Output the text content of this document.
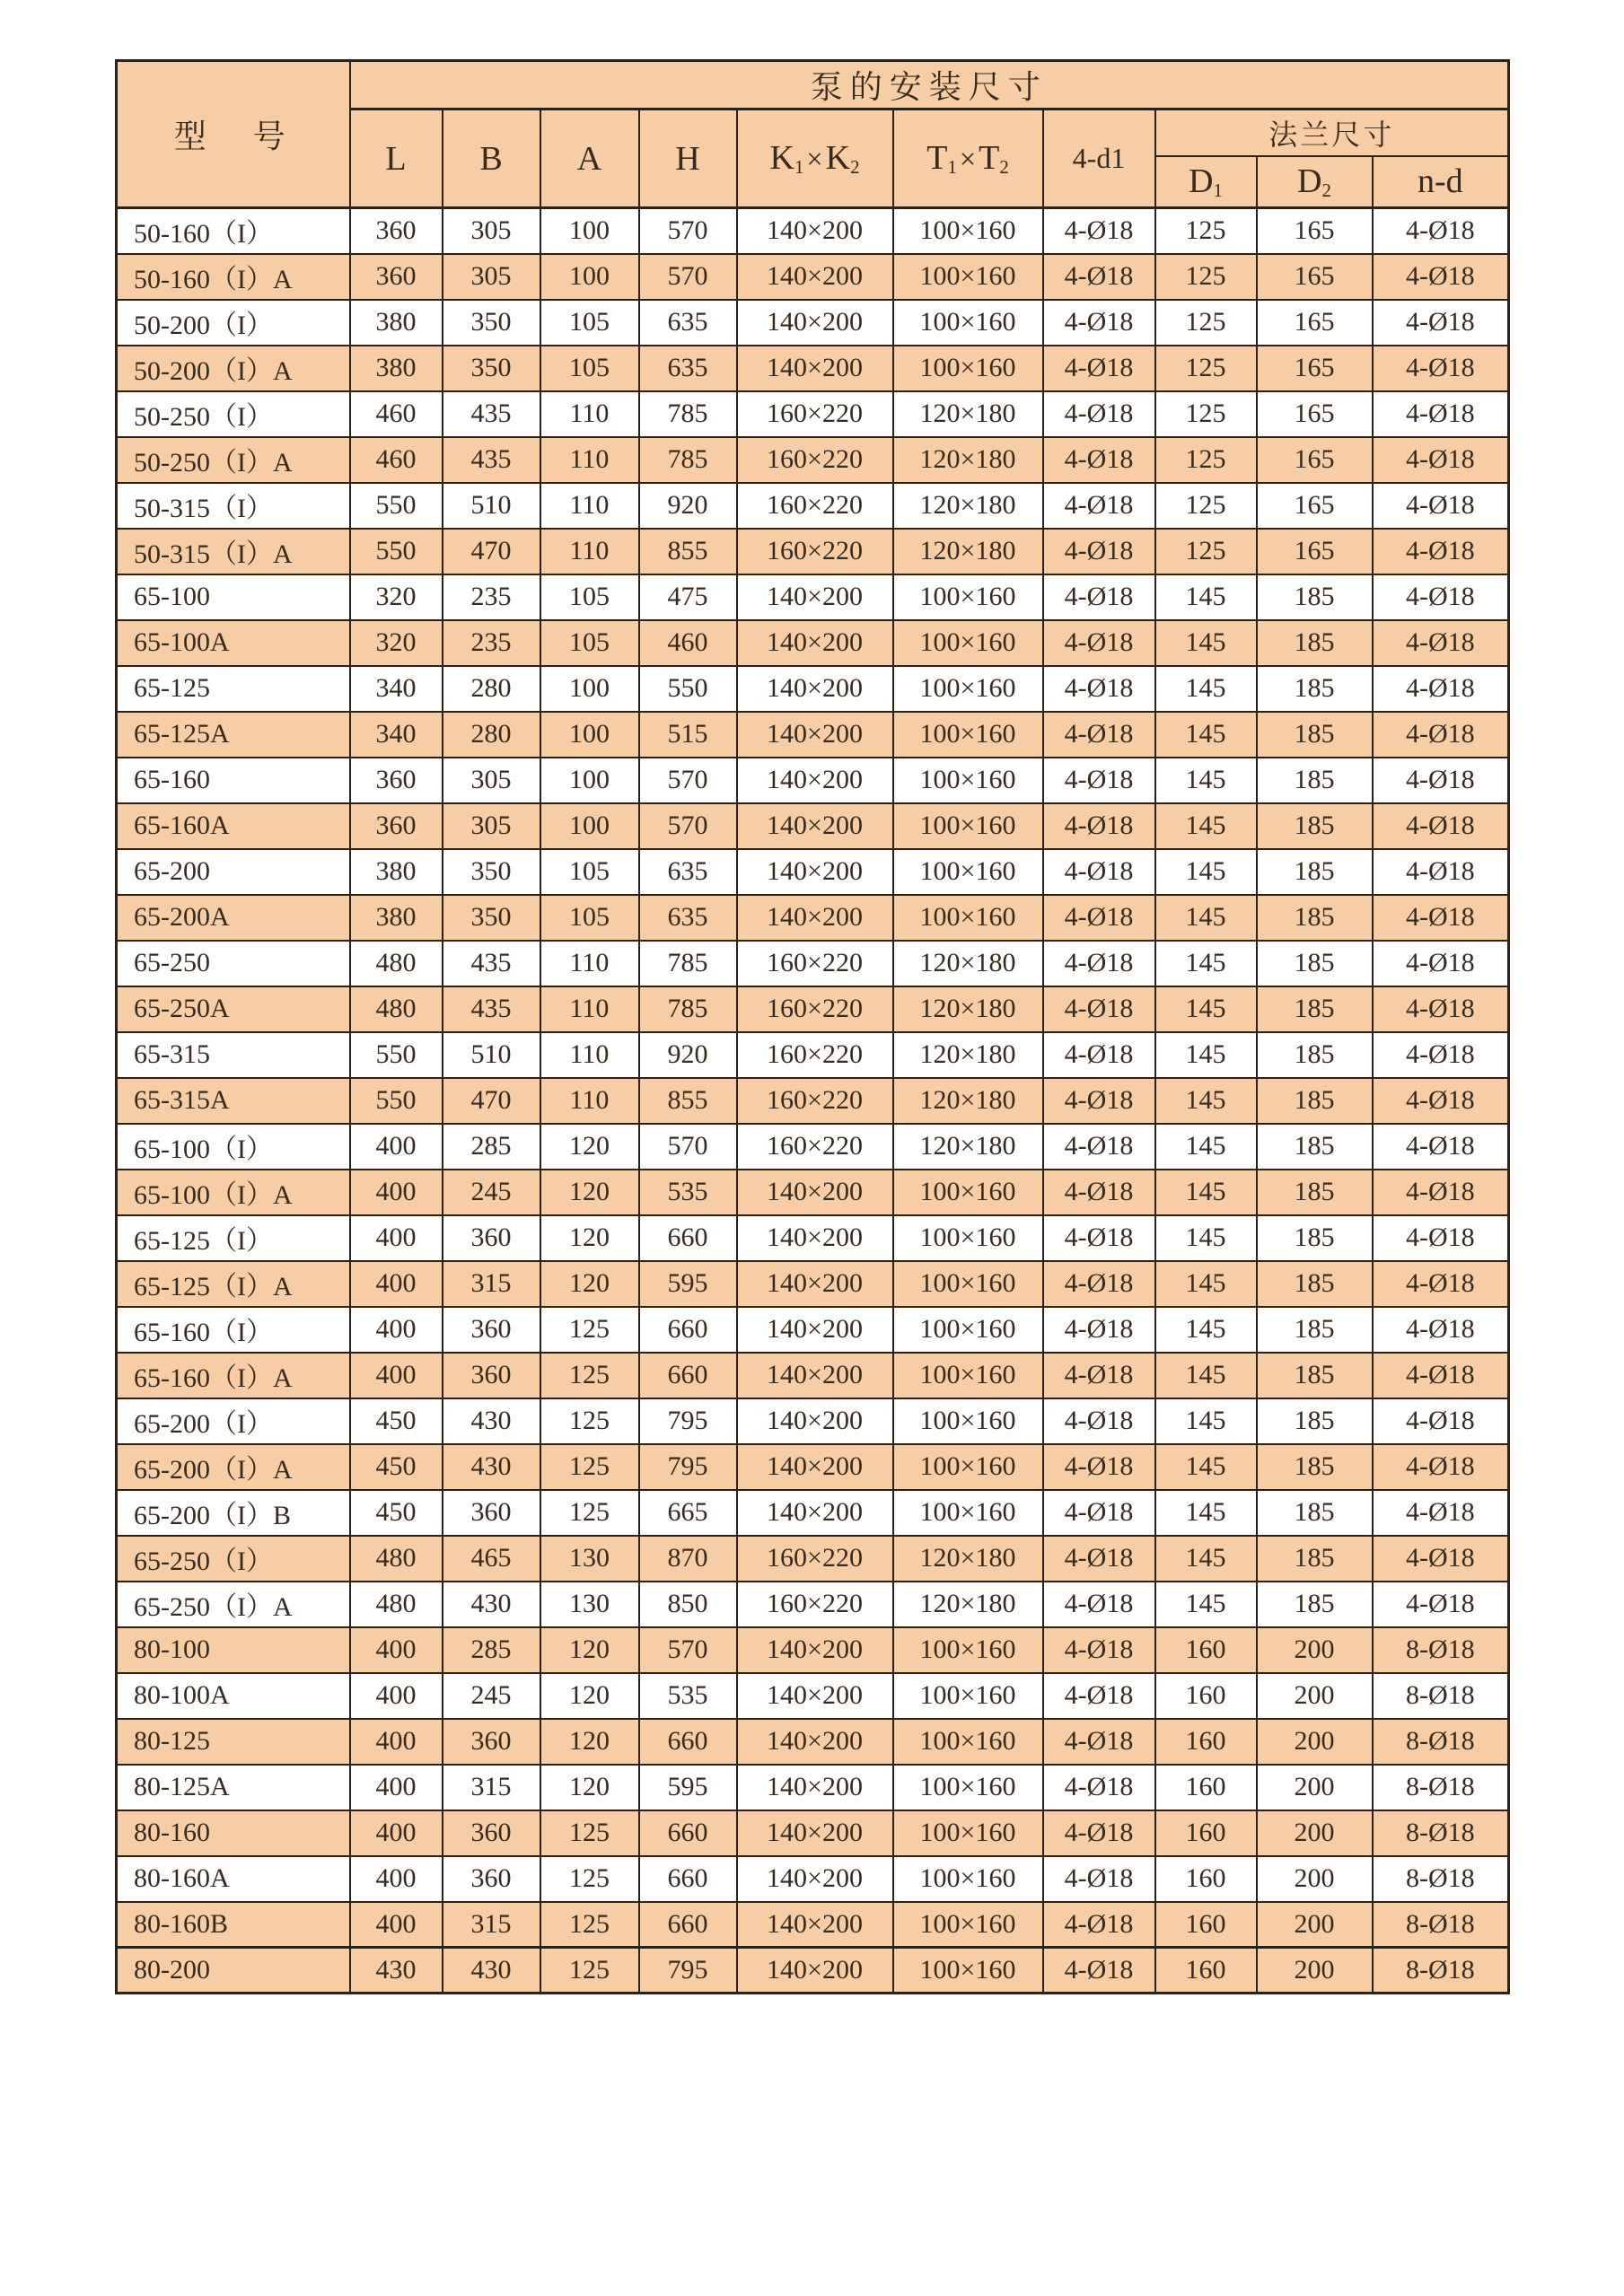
型　号	泵的安装尺寸									
	L	B	A	H	$K_1\times K_2$	$T_1\times T_2$	4-d1	法兰尺寸		
								$D_1$	$D_2$	n-d
50-160（I）	360	305	100	570	140×200	100×160	4-Ø18	125	165	4-Ø18
50-160（I）A	360	305	100	570	140×200	100×160	4-Ø18	125	165	4-Ø18
50-200（I）	380	350	105	635	140×200	100×160	4-Ø18	125	165	4-Ø18
50-200（I）A	380	350	105	635	140×200	100×160	4-Ø18	125	165	4-Ø18
50-250（I）	460	435	110	785	160×220	120×180	4-Ø18	125	165	4-Ø18
50-250（I）A	460	435	110	785	160×220	120×180	4-Ø18	125	165	4-Ø18
50-315（I）	550	510	110	920	160×220	120×180	4-Ø18	125	165	4-Ø18
50-315（I）A	550	470	110	855	160×220	120×180	4-Ø18	125	165	4-Ø18
65-100	320	235	105	475	140×200	100×160	4-Ø18	145	185	4-Ø18
65-100A	320	235	105	460	140×200	100×160	4-Ø18	145	185	4-Ø18
65-125	340	280	100	550	140×200	100×160	4-Ø18	145	185	4-Ø18
65-125A	340	280	100	515	140×200	100×160	4-Ø18	145	185	4-Ø18
65-160	360	305	100	570	140×200	100×160	4-Ø18	145	185	4-Ø18
65-160A	360	305	100	570	140×200	100×160	4-Ø18	145	185	4-Ø18
65-200	380	350	105	635	140×200	100×160	4-Ø18	145	185	4-Ø18
65-200A	380	350	105	635	140×200	100×160	4-Ø18	145	185	4-Ø18
65-250	480	435	110	785	160×220	120×180	4-Ø18	145	185	4-Ø18
65-250A	480	435	110	785	160×220	120×180	4-Ø18	145	185	4-Ø18
65-315	550	510	110	920	160×220	120×180	4-Ø18	145	185	4-Ø18
65-315A	550	470	110	855	160×220	120×180	4-Ø18	145	185	4-Ø18
65-100（I）	400	285	120	570	160×220	120×180	4-Ø18	145	185	4-Ø18
65-100（I）A	400	245	120	535	140×200	100×160	4-Ø18	145	185	4-Ø18
65-125（I）	400	360	120	660	140×200	100×160	4-Ø18	145	185	4-Ø18
65-125（I）A	400	315	120	595	140×200	100×160	4-Ø18	145	185	4-Ø18
65-160（I）	400	360	125	660	140×200	100×160	4-Ø18	145	185	4-Ø18
65-160（I）A	400	360	125	660	140×200	100×160	4-Ø18	145	185	4-Ø18
65-200（I）	450	430	125	795	140×200	100×160	4-Ø18	145	185	4-Ø18
65-200（I）A	450	430	125	795	140×200	100×160	4-Ø18	145	185	4-Ø18
65-200（I）B	450	360	125	665	140×200	100×160	4-Ø18	145	185	4-Ø18
65-250（I）	480	465	130	870	160×220	120×180	4-Ø18	145	185	4-Ø18
65-250（I）A	480	430	130	850	160×220	120×180	4-Ø18	145	185	4-Ø18
80-100	400	285	120	570	140×200	100×160	4-Ø18	160	200	8-Ø18
80-100A	400	245	120	535	140×200	100×160	4-Ø18	160	200	8-Ø18
80-125	400	360	120	660	140×200	100×160	4-Ø18	160	200	8-Ø18
80-125A	400	315	120	595	140×200	100×160	4-Ø18	160	200	8-Ø18
80-160	400	360	125	660	140×200	100×160	4-Ø18	160	200	8-Ø18
80-160A	400	360	125	660	140×200	100×160	4-Ø18	160	200	8-Ø18
80-160B	400	315	125	660	140×200	100×160	4-Ø18	160	200	8-Ø18
80-200	430	430	125	795	140×200	100×160	4-Ø18	160	200	8-Ø18
